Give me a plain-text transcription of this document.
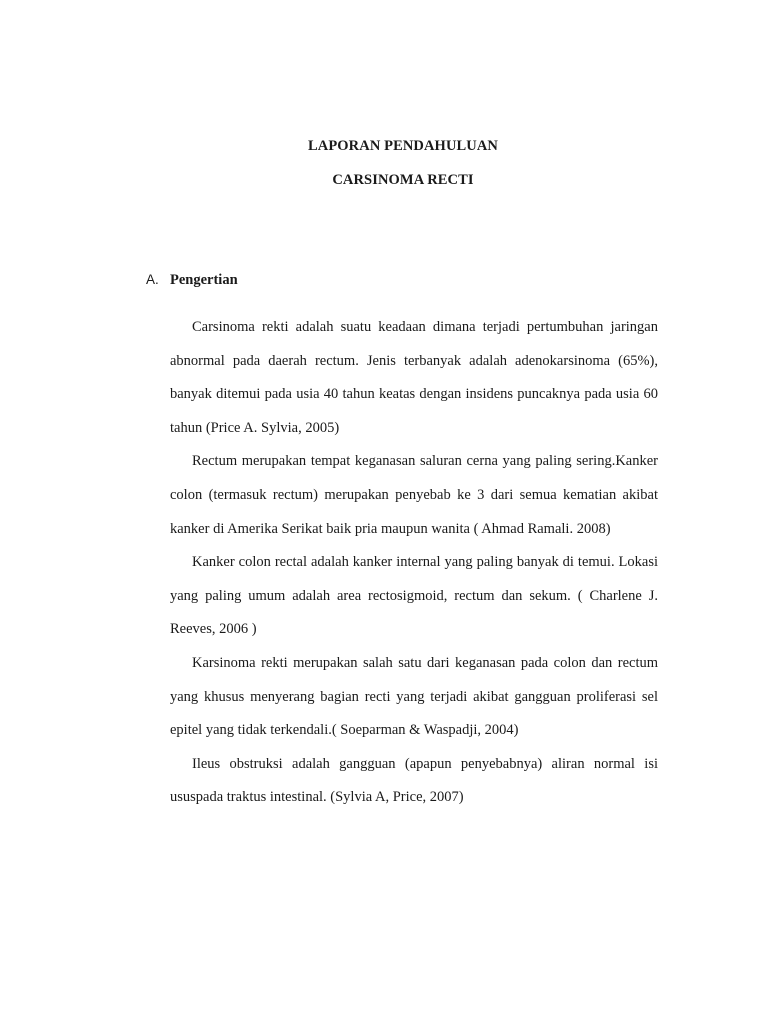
LAPORAN PENDAHULUAN
CARSINOMA RECTI
A. Pengertian

Carsinoma rekti adalah suatu keadaan dimana terjadi pertumbuhan jaringan abnormal pada daerah rectum. Jenis terbanyak adalah adenokarsinoma (65%), banyak ditemui pada usia 40 tahun keatas dengan insidens puncaknya pada usia 60 tahun (Price A. Sylvia, 2005)

Rectum merupakan tempat keganasan saluran cerna yang paling sering.Kanker colon (termasuk rectum) merupakan penyebab ke 3 dari semua kematian akibat kanker di Amerika Serikat baik pria maupun wanita ( Ahmad Ramali. 2008)

Kanker colon rectal adalah kanker internal yang paling banyak di temui. Lokasi yang paling umum adalah area rectosigmoid, rectum dan sekum. ( Charlene J. Reeves, 2006 )

Karsinoma rekti merupakan salah satu dari keganasan pada colon dan rectum yang khusus menyerang bagian recti yang terjadi akibat gangguan proliferasi sel epitel yang tidak terkendali.( Soeparman & Waspadji, 2004)

Ileus obstruksi adalah gangguan (apapun penyebabnya) aliran normal isi ususpada traktus intestinal. (Sylvia A, Price, 2007)
